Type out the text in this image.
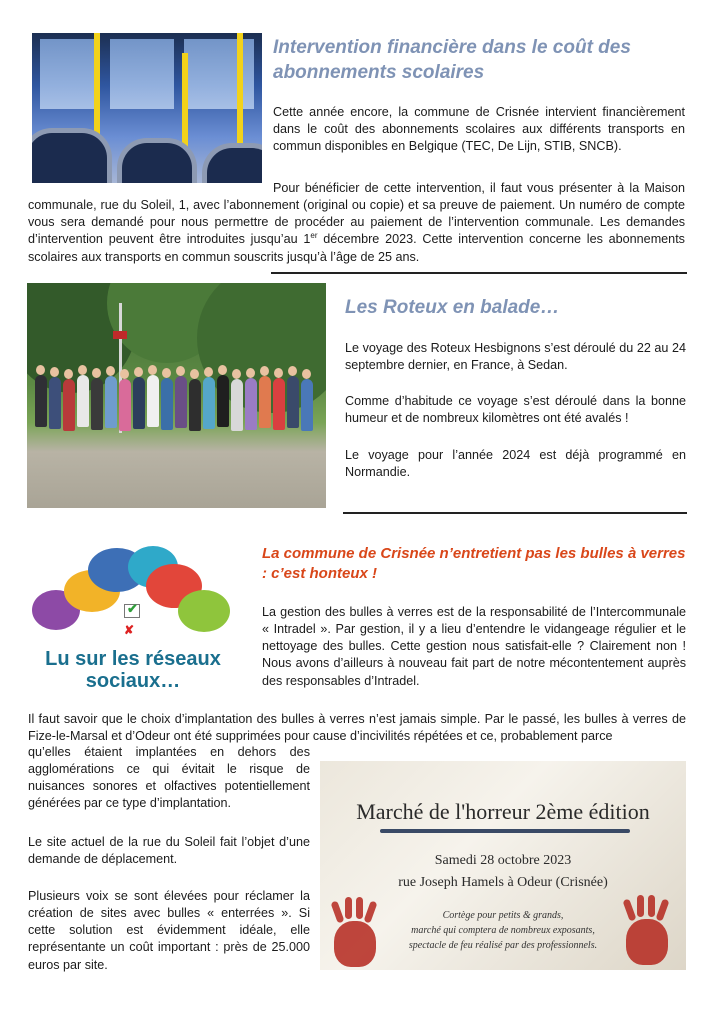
Intervention financière dans le coût des abonnements scolaires

Cette année encore, la commune de Crisnée intervient financièrement dans le coût des abonnements scolaires aux différents transports en commun disponibles en Belgique (TEC, De Lijn, STIB, SNCB).

Pour bénéficier de cette intervention, il faut vous présenter à la Maison communale, rue du Soleil, 1, avec l’abonnement (original ou copie) et sa preuve de paiement. Un numéro de compte vous sera demandé pour nous permettre de procéder au paiement de l’intervention communale. Les demandes d’intervention peuvent être introduites jusqu’au 1er décembre 2023. Cette intervention concerne les abonnements scolaires aux transports en commun souscrits jusqu’à l’âge de 25 ans.

Les Roteux en balade…

Le voyage des Roteux Hesbignons s’est déroulé du 22 au 24 septembre dernier, en France, à Sedan.

Comme d’habitude ce voyage s’est déroulé dans la bonne humeur et de nombreux kilomètres ont été avalés !

Le voyage pour l’année 2024 est déjà programmé en Normandie.

✔
✘
Lu sur les réseaux sociaux…
La commune de Crisnée n’entretient pas les bulles à verres : c’est honteux !

La gestion des bulles à verres est de la responsabilité de l’Intercommunale « Intradel ». Par gestion, il y a lieu d’entendre le vidangeage régulier et le nettoyage des bulles. Cette gestion nous satisfait-elle ? Clairement non ! Nous avons d’ailleurs à nouveau fait part de notre mécontentement auprès des responsables d’Intradel.

Il faut savoir que le choix d’implantation des bulles à verres n’est jamais simple. Par le passé, les bulles à verres de Fize-le-Marsal et d’Odeur ont été supprimées pour cause d’incivilités répétées et ce, probablement parce

qu’elles étaient implantées en dehors des agglomérations ce qui évitait le risque de nuisances sonores et olfactives potentiellement générées par ce type d’implantation.

Le site actuel de la rue du Soleil fait l’objet d’une demande de déplacement.

Plusieurs voix se sont élevées pour réclamer la création de sites avec bulles « enterrées ». Si cette solution est évidemment idéale, elle représentante un coût important : près de 25.000 euros par site.

Marché de l'horreur 2ème édition
Samedi 28 octobre 2023
rue Joseph Hamels à Odeur (Crisnée)
Cortège pour petits & grands,
marché qui comptera de nombreux exposants,
spectacle de feu réalisé par des professionnels.
